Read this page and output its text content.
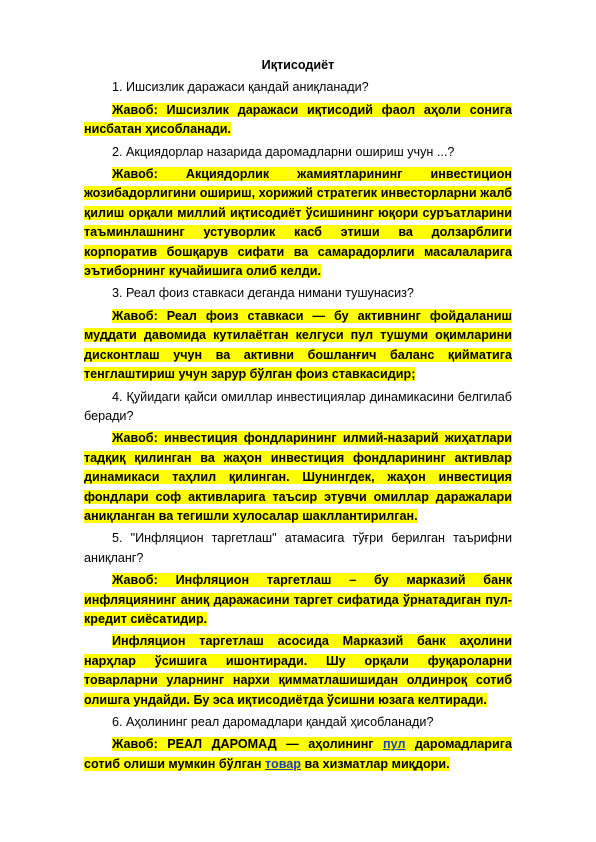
Иқтисодиёт

1. Ишсизлик даражаси қандай аниқланади?

Жавоб: Ишсизлик даражаси иқтисодий фаол аҳоли сонига нисбатан ҳисобланади.

2. Акциядорлар назарида даромадларни ошириш учун ...?

Жавоб: Акциядорлик жамиятларининг инвестицион жозибадорлигини ошириш, хорижий стратегик инвесторларни жалб қилиш орқали миллий иқтисодиёт ўсишининг юқори суръатларини таъминлашнинг устуворлик касб этиши ва долзарблиги корпоратив бошқарув сифати ва самарадорлиги масалаларига эътиборнинг кучайишига олиб келди.

3. Реал фоиз ставкаси деганда нимани тушунасиз?

Жавоб: Реал фоиз ставкаси — бу активнинг фойдаланиш муддати давомида кутилаётган келгуси пул тушуми оқимларини дисконтлаш учун ва активни бошланғич баланс қийматига тенглаштириш учун зарур бўлган фоиз ставкасидир;

4. Қуйидаги қайси омиллар инвестициялар динамикасини белгилаб беради?

Жавоб: инвестиция фондларининг илмий-назарий жиҳатлари тадқиқ қилинган ва жаҳон инвестиция фондларининг активлар динамикаси таҳлил қилинган. Шунингдек, жаҳон инвестиция фондлари соф активларига таъсир этувчи омиллар даражалари аниқланган ва тегишли хулосалар шакллантирилган.

5. "Инфляцион таргетлаш" атамасига тўғри берилган таърифни аниқланг?

Жавоб: Инфляцион таргетлаш – бу марказий банк инфляциянинг аниқ даражасини таргет сифатида ўрнатадиган пул-кредит сиёсатидир.

Инфляцион таргетлаш асосида Марказий банк аҳолини нарҳлар ўсишига ишонтиради. Шу орқали фуқароларни товарларни уларнинг нархи қимматлашишидан олдинроқ сотиб олишга ундайди. Бу эса иқтисодиётда ўсишни юзага келтиради.

6. Аҳолининг реал даромадлари қандай ҳисобланади?

Жавоб: РЕАЛ ДАРОМАД — аҳолининг пул даромадларига сотиб олиши мумкин бўлган товар ва хизматлар миқдори.
